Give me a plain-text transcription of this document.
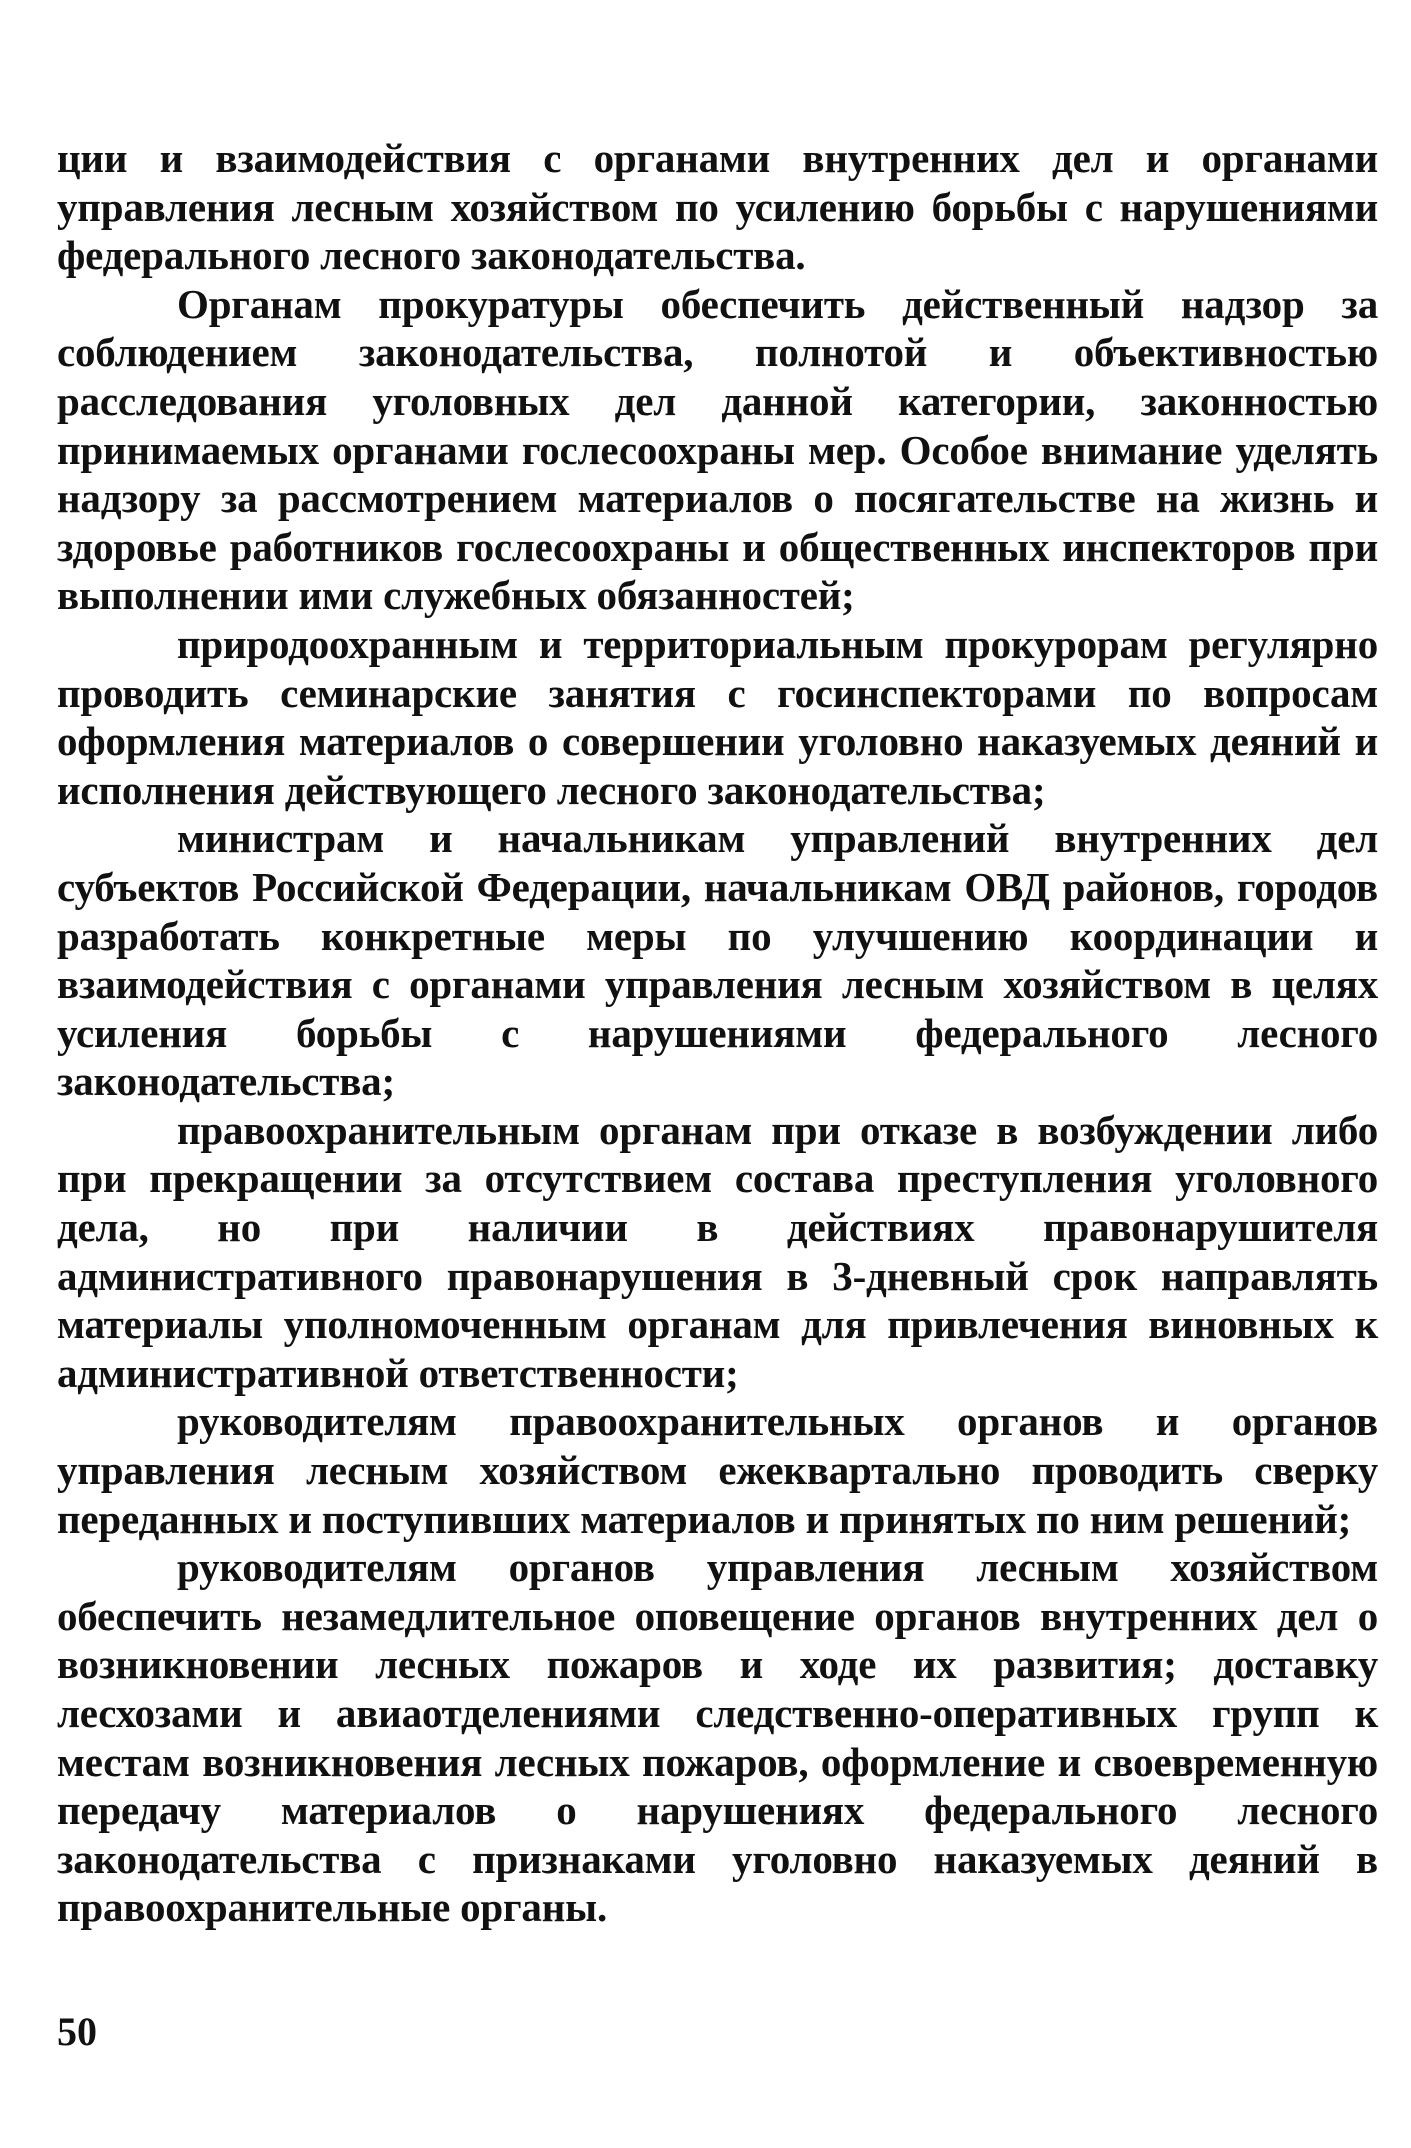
ции и взаимодействия с органами внутренних дел и органами управления лесным хозяйством по усилению борьбы с нарушениями федерального лесного законодательства.

Органам прокуратуры обеспечить действенный надзор за соблюдением законодательства, полнотой и объективностью расследования уголовных дел данной категории, законностью принимаемых органами гослесоохраны мер. Особое внимание уделять надзору за рассмотрением материалов о посягательстве на жизнь и здоровье работников гослесоохраны и общественных инспекторов при выполнении ими служебных обязанностей;

природоохранным и территориальным прокурорам регулярно проводить семинарские занятия с госинспекторами по вопросам оформления материалов о совершении уголовно наказуемых деяний и исполнения действующего лесного законодательства;

министрам и начальникам управлений внутренних дел субъектов Российской Федерации, начальникам ОВД районов, городов разработать конкретные меры по улучшению координации и взаимодействия с органами управления лесным хозяйством в целях усиления борьбы с нарушениями федерального лесного законодательства;

правоохранительным органам при отказе в возбуждении либо при прекращении за отсутствием состава преступления уголовного дела, но при наличии в действиях правонарушителя административного правонарушения в 3-дневный срок направлять материалы уполномоченным органам для привлечения виновных к административной ответственности;

руководителям правоохранительных органов и органов управления лесным хозяйством ежеквартально проводить сверку переданных и поступивших материалов и принятых по ним решений;

руководителям органов управления лесным хозяйством обеспечить незамедлительное оповещение органов внутренних дел о возникновении лесных пожаров и ходе их развития; доставку лесхозами и авиаотделениями следственно-оперативных групп к местам возникновения лесных пожаров, оформление и своевременную передачу материалов о нарушениях федерального лесного законодательства с признаками уголовно наказуемых деяний в правоохранительные органы.

50
